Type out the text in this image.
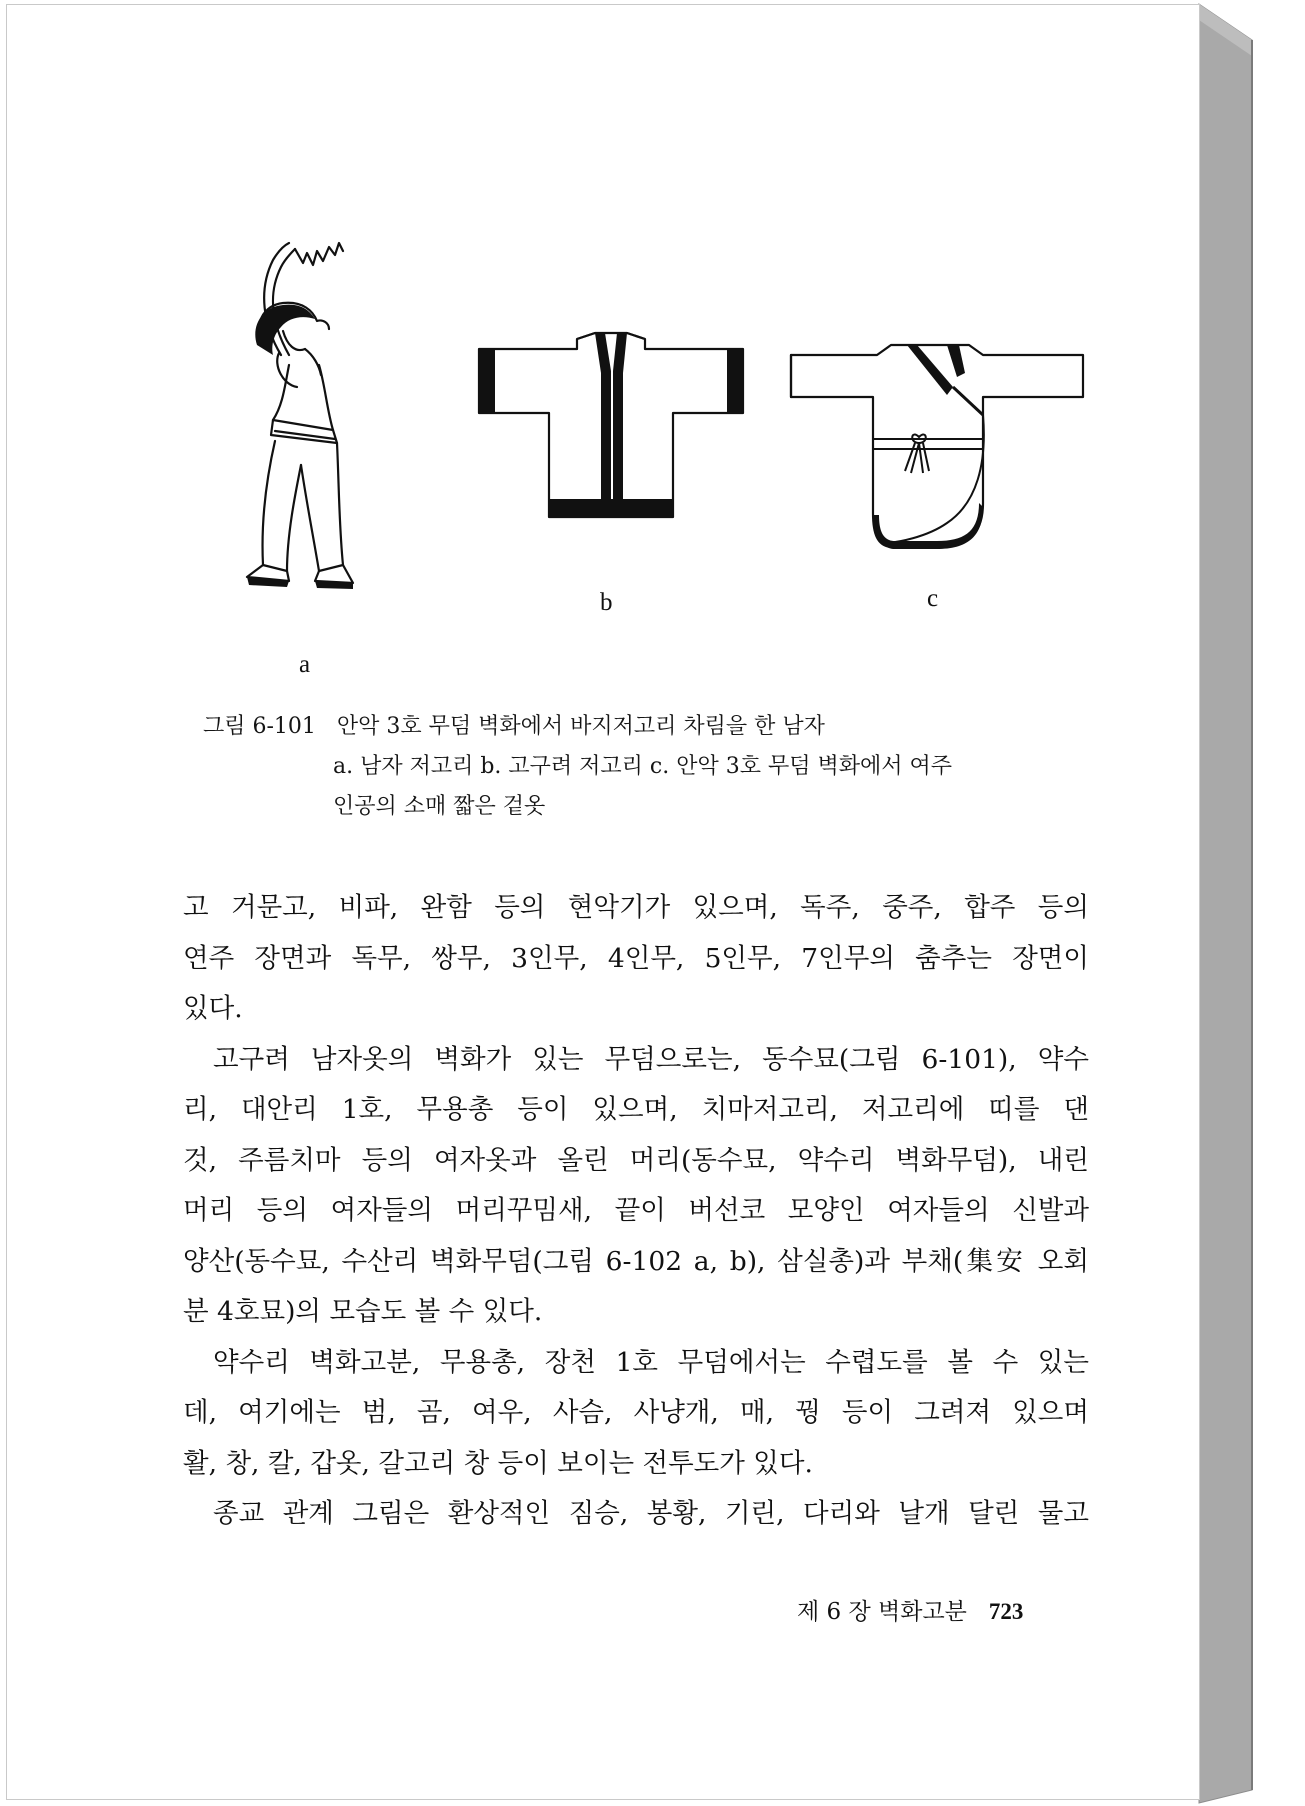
a
b	c
그림 6-101 안악 3호 무덤 벽화에서 바지저고리 차림을 한 남자
a. 남자 저고리 b. 고구려 저고리 c. 안악 3호 무덤 벽화에서 여주
인공의 소매 짧은 겉옷
고 거문고, 비파, 완함 등의 현악기가 있으며, 독주, 중주, 합주 등의
연주 장면과 독무, 쌍무, 3인무, 4인무, 5인무, 7인무의 춤추는 장면이
있다.
고구려 남자옷의 벽화가 있는 무덤으로는, 동수묘(그림 6-101), 약수
리, 대안리 1호, 무용총 등이 있으며, 치마저고리, 저고리에 띠를 댄
것, 주름치마 등의 여자옷과 올린 머리(동수묘, 약수리 벽화무덤), 내린
머리 등의 여자들의 머리꾸밈새, 끝이 버선코 모양인 여자들의 신발과
양산(동수묘, 수산리 벽화무덤(그림 6-102 a, b), 삼실총)과 부채(集安 오회
분 4호묘)의 모습도 볼 수 있다.
약수리 벽화고분, 무용총, 장천 1호 무덤에서는 수렵도를 볼 수 있는
데, 여기에는 범, 곰, 여우, 사슴, 사냥개, 매, 꿩 등이 그려져 있으며
활, 창, 칼, 갑옷, 갈고리 창 등이 보이는 전투도가 있다.
종교 관계 그림은 환상적인 짐승, 봉황, 기린, 다리와 날개 달린 물고
제 6 장 벽화고분 723
